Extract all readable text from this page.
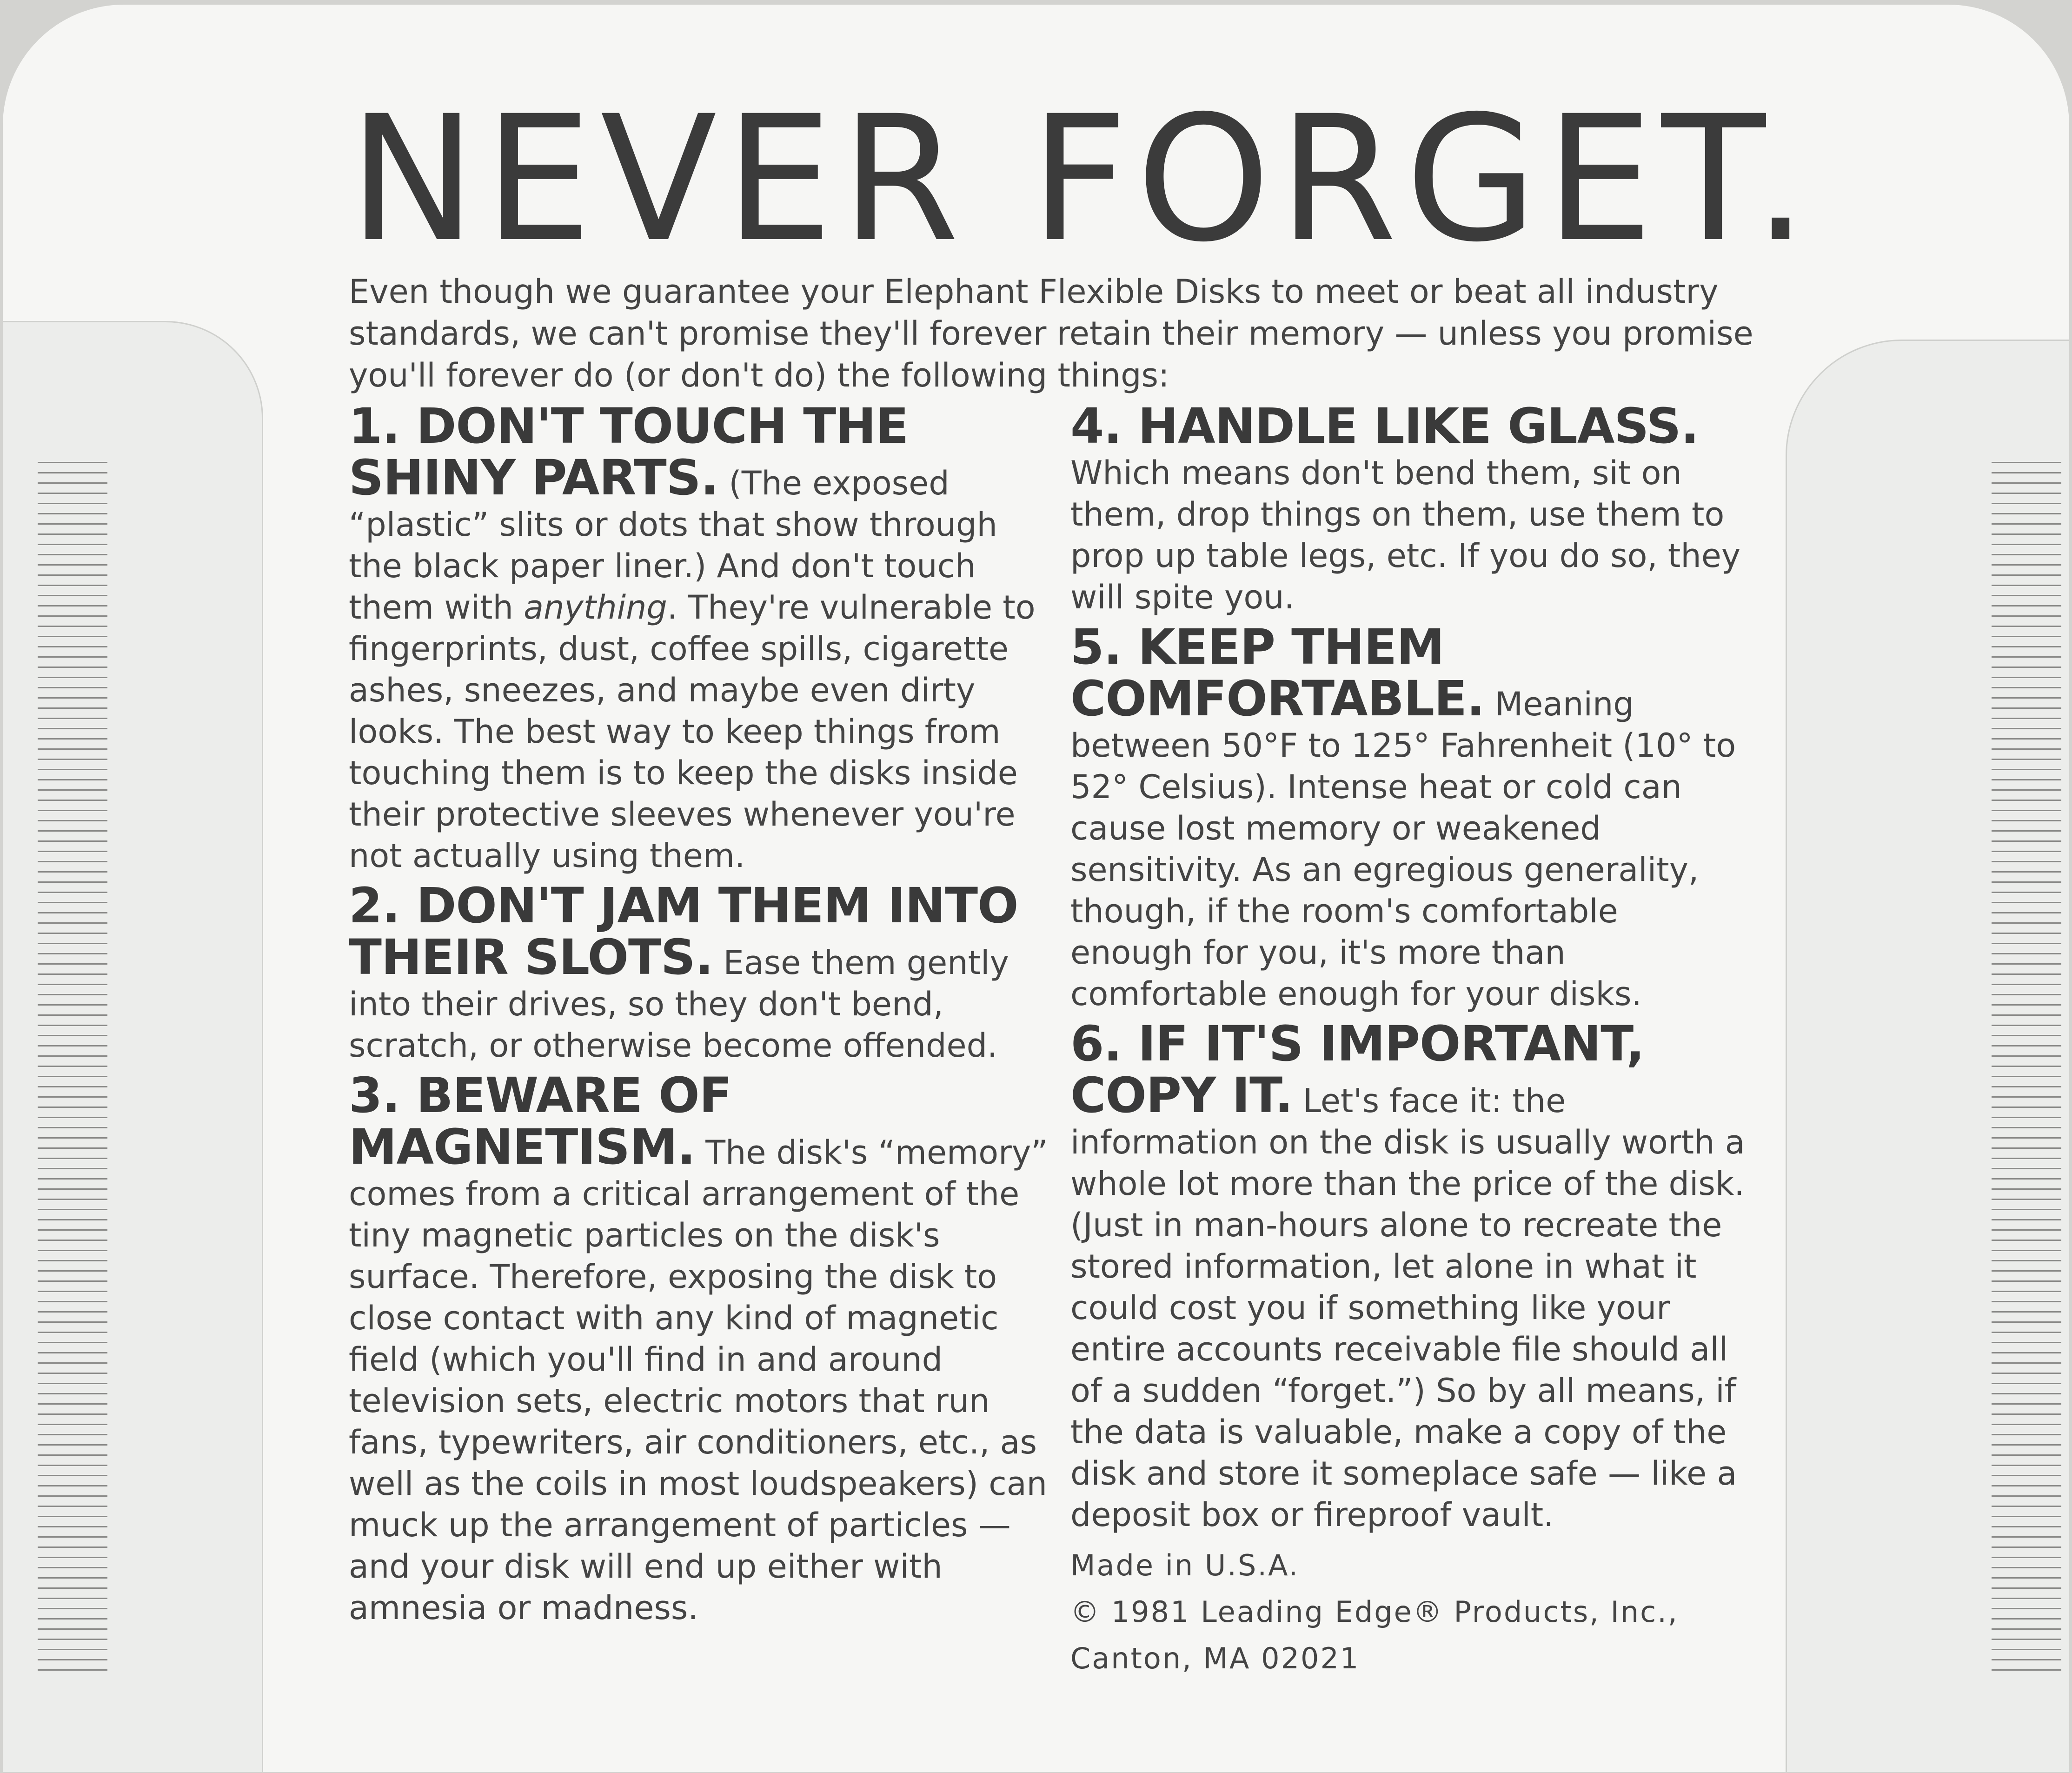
NEVER FORGET.

Even though we guarantee your Elephant Flexible Disks to meet or beat all industry standards, we can't promise they'll forever retain their memory — unless you promise you'll forever do (or don't do) the following things:

1. DON'T TOUCH THE SHINY PARTS. (The exposed “plastic” slits or dots that show through the black paper liner.) And don't touch them with anything. They're vulnerable to fingerprints, dust, coffee spills, cigarette ashes, sneezes, and maybe even dirty looks. The best way to keep things from touching them is to keep the disks inside their protective sleeves whenever you're not actually using them.

2. DON'T JAM THEM INTO THEIR SLOTS. Ease them gently into their drives, so they don't bend, scratch, or otherwise become offended.

3. BEWARE OF MAGNETISM. The disk's “memory” comes from a critical arrangement of the tiny magnetic particles on the disk's surface. Therefore, exposing the disk to close contact with any kind of magnetic field (which you'll find in and around television sets, electric motors that run fans, typewriters, air conditioners, etc., as well as the coils in most loudspeakers) can muck up the arrangement of particles — and your disk will end up either with amnesia or madness.

4. HANDLE LIKE GLASS. Which means don't bend them, sit on them, drop things on them, use them to prop up table legs, etc. If you do so, they will spite you.

5. KEEP THEM COMFORTABLE. Meaning between 50°F to 125° Fahrenheit (10° to 52° Celsius). Intense heat or cold can cause lost memory or weakened sensitivity. As an egregious generality, though, if the room's comfortable enough for you, it's more than comfortable enough for your disks.

6. IF IT'S IMPORTANT, COPY IT. Let's face it: the information on the disk is usually worth a whole lot more than the price of the disk. (Just in man-hours alone to recreate the stored information, let alone in what it could cost you if something like your entire accounts receivable file should all of a sudden “forget.”) So by all means, if the data is valuable, make a copy of the disk and store it someplace safe — like a deposit box or fireproof vault.

Made in U.S.A.

© 1981 Leading Edge® Products, Inc.,

Canton, MA 02021
